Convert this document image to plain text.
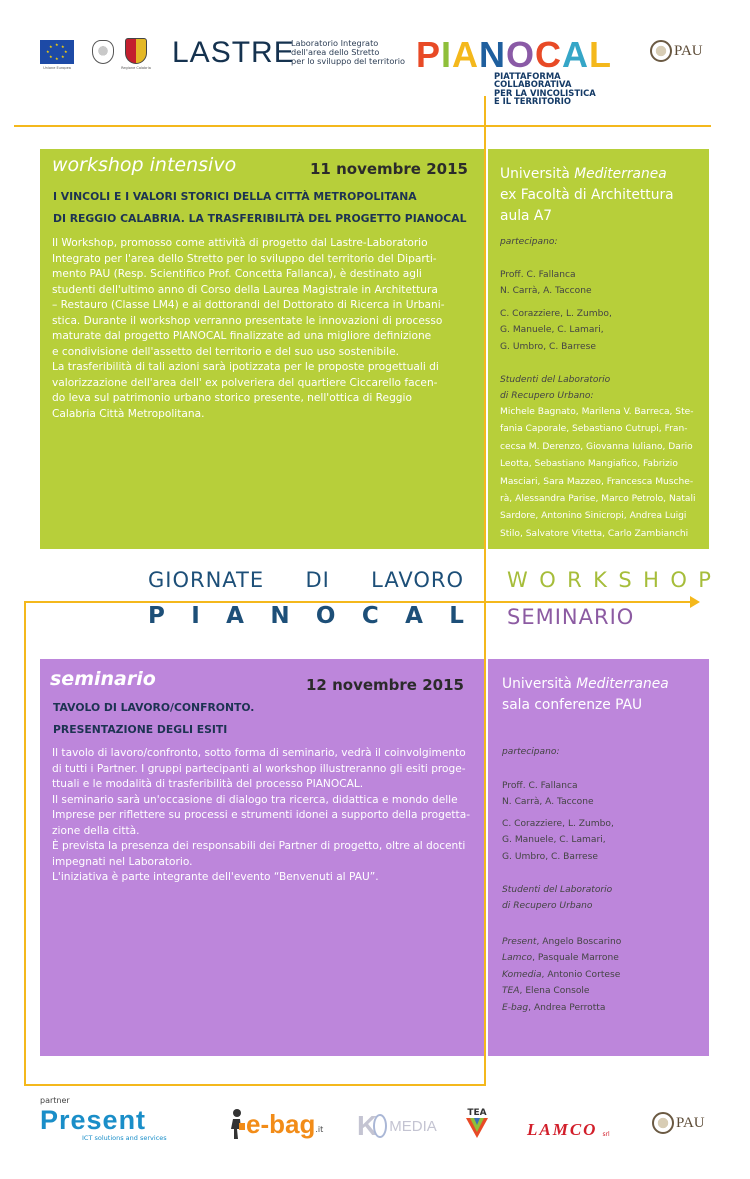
★ ★
★
★
★
★
★
★
Unione Europea	Regione Calabria LASTRE
Laboratorio Integrato
dell'area dello Stretto
per lo sviluppo del territorio PIANOCAL
PIATTAFORMA
COLLABORATIVA
PER LA VINCOLISTICA
E IL TERRITORIO
PAU
workshop intensivo	11 novembre 2015
I VINCOLI E I VALORI STORICI DELLA CITTÀ METROPOLITANA
DI REGGIO CALABRIA. LA TRASFERIBILITÀ DEL PROGETTO PIANOCAL
Il Workshop, promosso come attività di progetto dal Lastre-Laboratorio
Integrato per l'area dello Stretto per lo sviluppo del territorio del Diparti-
mento PAU (Resp. Scientifico Prof. Concetta Fallanca), è destinato agli
studenti dell'ultimo anno di Corso della Laurea Magistrale in Architettura
– Restauro (Classe LM4) e ai dottorandi del Dottorato di Ricerca in Urbani-
stica. Durante il workshop verranno presentate le innovazioni di processo
maturate dal progetto PIANOCAL finalizzate ad una migliore definizione
e condivisione dell'assetto del territorio e del suo uso sostenibile.
La trasferibilità di tali azioni sarà ipotizzata per le proposte progettuali di
valorizzazione dell'area dell' ex polveriera del quartiere Ciccarello facen-
do leva sul patrimonio urbano storico presente, nell'ottica di Reggio
Calabria Città Metropolitana.
Università Mediterranea
ex Facoltà di Architettura
aula A7
partecipano:
Proff. C. Fallanca
N. Carrà, A. Taccone
C. Corazziere, L. Zumbo,
G. Manuele, C. Lamari,
G. Umbro, C. Barrese
Studenti del Laboratorio
di Recupero Urbano:
Michele Bagnato, Marilena V. Barreca, Ste-
fania Caporale, Sebastiano Cutrupi, Fran-
cecsa M. Derenzo, Giovanna Iuliano, Dario
Leotta, Sebastiano Mangiafico, Fabrizio
Masciari, Sara Mazzeo, Francesca Musche-
rà, Alessandra Parise, Marco Petrolo, Natali
Sardore, Antonino Sinicropi, Andrea Luigi
Stilo, Salvatore Vitetta, Carlo Zambianchi
GIORNATE DI LAVORO
P I A N O C A L
W O R K S H O P
SEMINARIO
seminario	12 novembre 2015
TAVOLO DI LAVORO/CONFRONTO.
PRESENTAZIONE DEGLI ESITI
Il tavolo di lavoro/confronto, sotto forma di seminario, vedrà il coinvolgimento
di tutti i Partner. I gruppi partecipanti al workshop illustreranno gli esiti proge-
ttuali e le modalità di trasferibilità del processo PIANOCAL.
Il seminario sarà un'occasione di dialogo tra ricerca, didattica e mondo delle
Imprese per riflettere su processi e strumenti idonei a supporto della progetta-
zione della città.
È prevista la presenza dei responsabili dei Partner di progetto, oltre al docenti
impegnati nel Laboratorio.
L'iniziativa è parte integrante dell'evento “Benvenuti al PAU”.
Università Mediterranea
sala conferenze PAU
partecipano:
Proff. C. Fallanca
N. Carrà, A. Taccone
C. Corazziere, L. Zumbo,
G. Manuele, C. Lamari,
G. Umbro, C. Barrese
Studenti del Laboratorio
di Recupero Urbano
Present, Angelo Boscarino
Lamco, Pasquale Marrone
Komedia, Antonio Cortese
TEA, Elena Console
E-bag, Andrea Perrotta
partner
Present
ICT solutions and services	e-bag .it K MEDIA
TEA
LAMCO srl
PAU
